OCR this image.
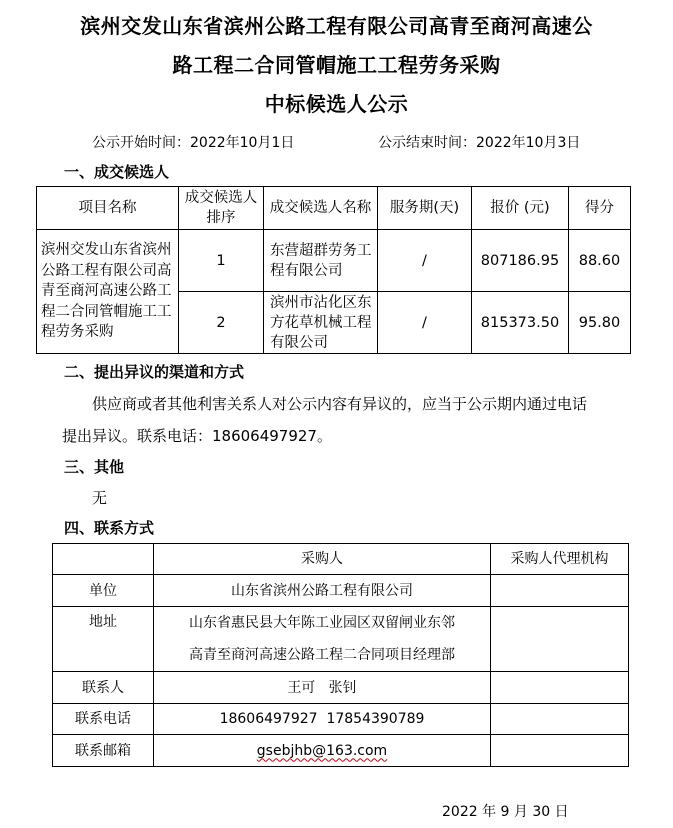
滨州交发山东省滨州公路工程有限公司高青至商河高速公
路工程二合同管帽施工工程劳务采购
中标候选人公示
公示开始时间：2022年10月1日	公示结束时间：2022年10月3日
一、成交候选人
项目名称	成交候选人排序	成交候选人名称	服务期(天)	报价 (元)	得分
滨州交发山东省滨州公路工程有限公司高青至商河高速公路工程二合同管帽施工工程劳务采购	1	东营超群劳务工程有限公司	/	807186.95	88.60
	2	滨州市沾化区东方花草机械工程有限公司	/	815373.50	95.80
二、提出异议的渠道和方式
供应商或者其他利害关系人对公示内容有异议的，应当于公示期内通过电话
提出异议。联系电话：18606497927。
三、其他
无
四、联系方式
	采购人	采购人代理机构
单位	山东省滨州公路工程有限公司	
地址	山东省惠民县大年陈工业园区双留闸业东邻
高青至商河高速公路工程二合同项目经理部	

联系人	王可   张钊	
联系电话	18606497927  17854390789	
联系邮箱	gsebjhb@163.com	
2022 年 9 月 30 日
